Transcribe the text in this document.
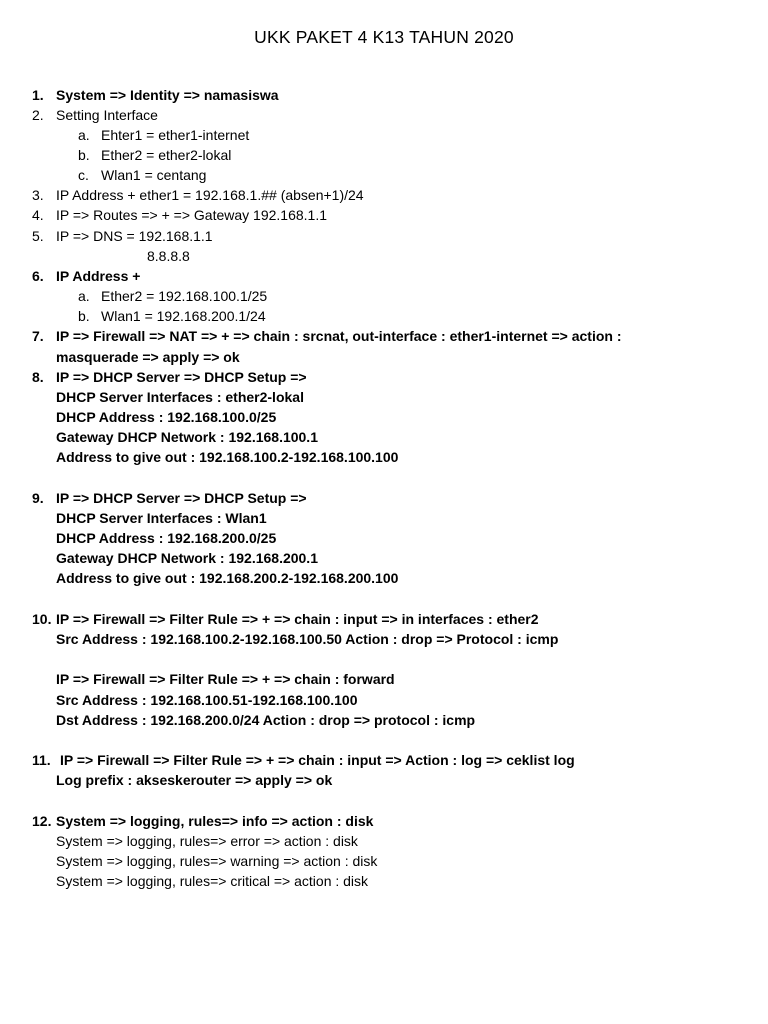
UKK PAKET 4 K13 TAHUN 2020
1. System => Identity => namasiswa
2. Setting Interface
a. Ehter1 = ether1-internet
b. Ether2 = ether2-lokal
c. Wlan1 = centang
3. IP Address + ether1 = 192.168.1.## (absen+1)/24
4. IP => Routes => + => Gateway 192.168.1.1
5. IP => DNS = 192.168.1.1
8.8.8.8
6. IP Address +
a. Ether2 = 192.168.100.1/25
b. Wlan1 = 192.168.200.1/24
7. IP => Firewall => NAT => + => chain : srcnat, out-interface : ether1-internet => action :
masquerade => apply => ok
8. IP => DHCP Server => DHCP Setup =>
DHCP Server Interfaces : ether2-lokal
DHCP Address : 192.168.100.0/25
Gateway DHCP Network : 192.168.100.1
Address to give out : 192.168.100.2-192.168.100.100
9. IP => DHCP Server => DHCP Setup =>
DHCP Server Interfaces : Wlan1
DHCP Address : 192.168.200.0/25
Gateway DHCP Network : 192.168.200.1
Address to give out : 192.168.200.2-192.168.200.100
10. IP => Firewall => Filter Rule => + => chain : input => in interfaces : ether2
Src Address : 192.168.100.2-192.168.100.50 Action : drop => Protocol : icmp
IP => Firewall => Filter Rule => + => chain : forward
Src Address : 192.168.100.51-192.168.100.100
Dst Address : 192.168.200.0/24 Action : drop => protocol : icmp
11. IP => Firewall => Filter Rule => + => chain : input => Action : log => ceklist log
Log prefix : akseskerouter => apply => ok
12. System => logging, rules=> info => action : disk
System => logging, rules=> error => action : disk
System => logging, rules=> warning => action : disk
System => logging, rules=> critical => action : disk
